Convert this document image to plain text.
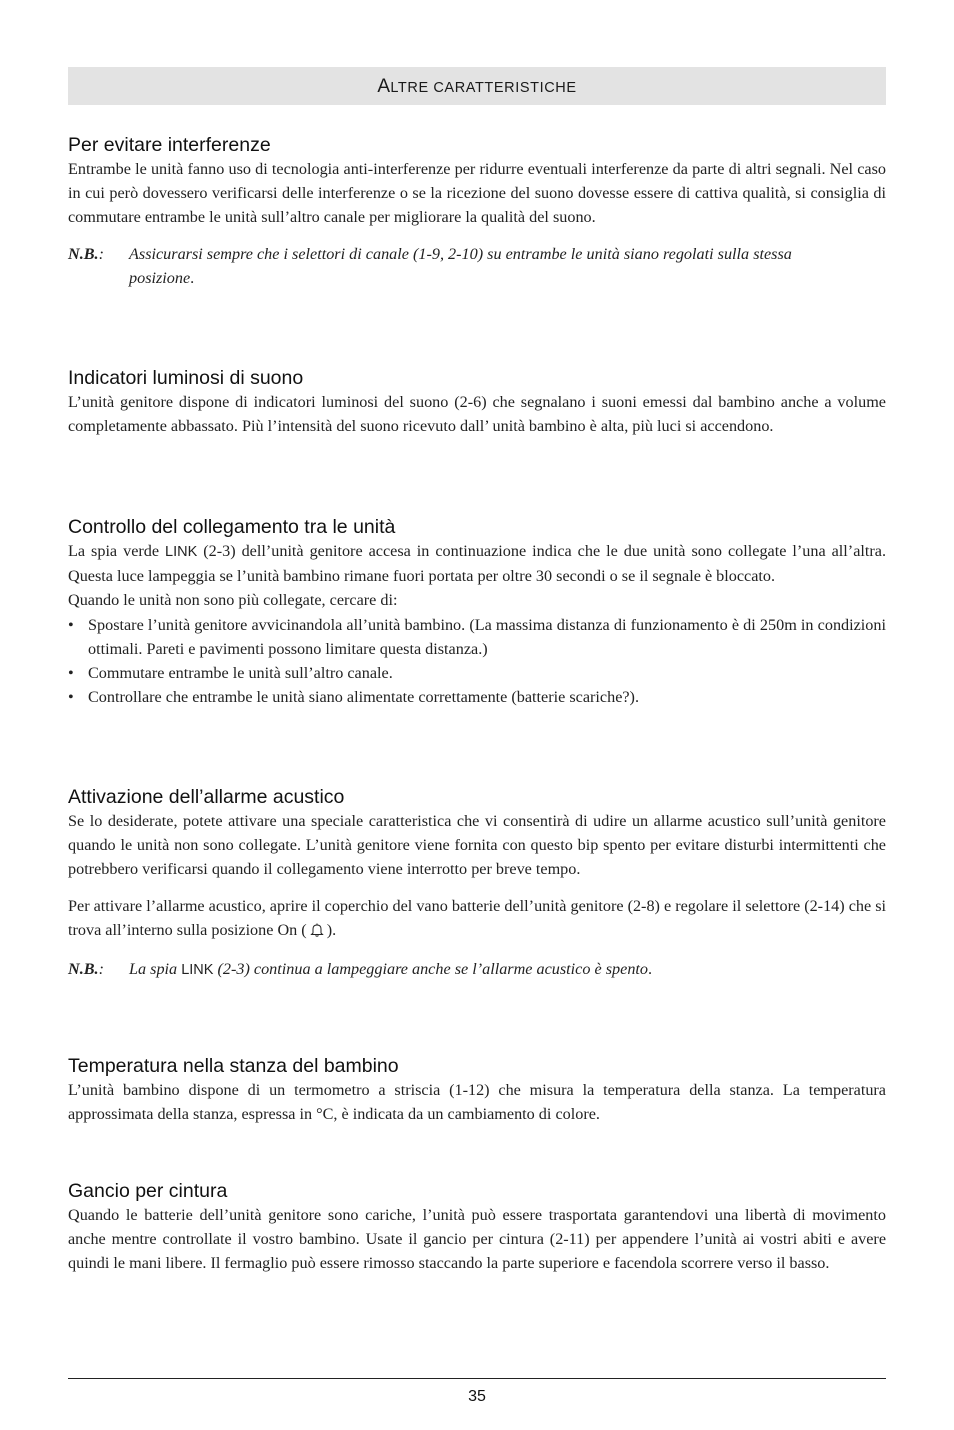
ALTRE CARATTERISTICHE
Per evitare interferenze

Entrambe le unità fanno uso di tecnologia anti-interferenze per ridurre eventuali interferenze da parte di altri segnali. Nel caso in cui però dovessero verificarsi delle interferenze o se la ricezione del suono dovesse essere di cattiva qualità, si consiglia di commutare entrambe le unità sull’altro canale per migliorare la qualità del suono.

N.B.:	Assicurarsi sempre che i selettori di canale (1-9, 2-10) su entrambe le unità siano regolati sulla stessa posizione.
Indicatori luminosi di suono

L’unità genitore dispone di indicatori luminosi del suono (2-6) che segnalano i suoni emessi dal bambino anche a volume completamente abbassato. Più l’intensità del suono ricevuto dall’ unità bambino è alta, più luci si accendono.

Controllo del collegamento tra le unità

La spia verde LINK (2-3) dell’unità genitore accesa in continuazione indica che le due unità sono collegate l’una all’altra. Questa luce lampeggia se l’unità bambino rimane fuori portata per oltre 30 secondi o se il segnale è bloccato.

Quando le unità non sono più collegate, cercare di:

• Spostare l’unità genitore avvicinandola all’unità bambino. (La massima distanza di funzionamento è di 250m in condizioni ottimali. Pareti e pavimenti possono limitare questa distanza.)
• Commutare entrambe le unità sull’altro canale.
• Controllare che entrambe le unità siano alimentate correttamente (batterie scariche?).
Attivazione dell’allarme acustico

Se lo desiderate, potete attivare una speciale caratteristica che vi consentirà di udire un allarme acustico sull’unità genitore quando le unità non sono collegate. L’unità genitore viene fornita con questo bip spento per evitare disturbi intermittenti che potrebbero verificarsi quando il collegamento viene interrotto per breve tempo.

Per attivare l’allarme acustico, aprire il coperchio del vano batterie dell’unità genitore (2-8) e regolare il selettore (2-14) che si trova all’interno sulla posizione On ( ).

N.B.:	La spia LINK (2-3) continua a lampeggiare anche se l’allarme acustico è spento.
Temperatura nella stanza del bambino

L’unità bambino dispone di un termometro a striscia (1-12) che misura la temperatura della stanza. La temperatura approssimata della stanza, espressa in °C, è indicata da un cambiamento di colore.

Gancio per cintura

Quando le batterie dell’unità genitore sono cariche, l’unità può essere trasportata garantendovi una libertà di movimento anche mentre controllate il vostro bambino. Usate il gancio per cintura (2-11) per appendere l’unità ai vostri abiti e avere quindi le mani libere. Il fermaglio può essere rimosso staccando la parte superiore e facendola scorrere verso il basso.

35
